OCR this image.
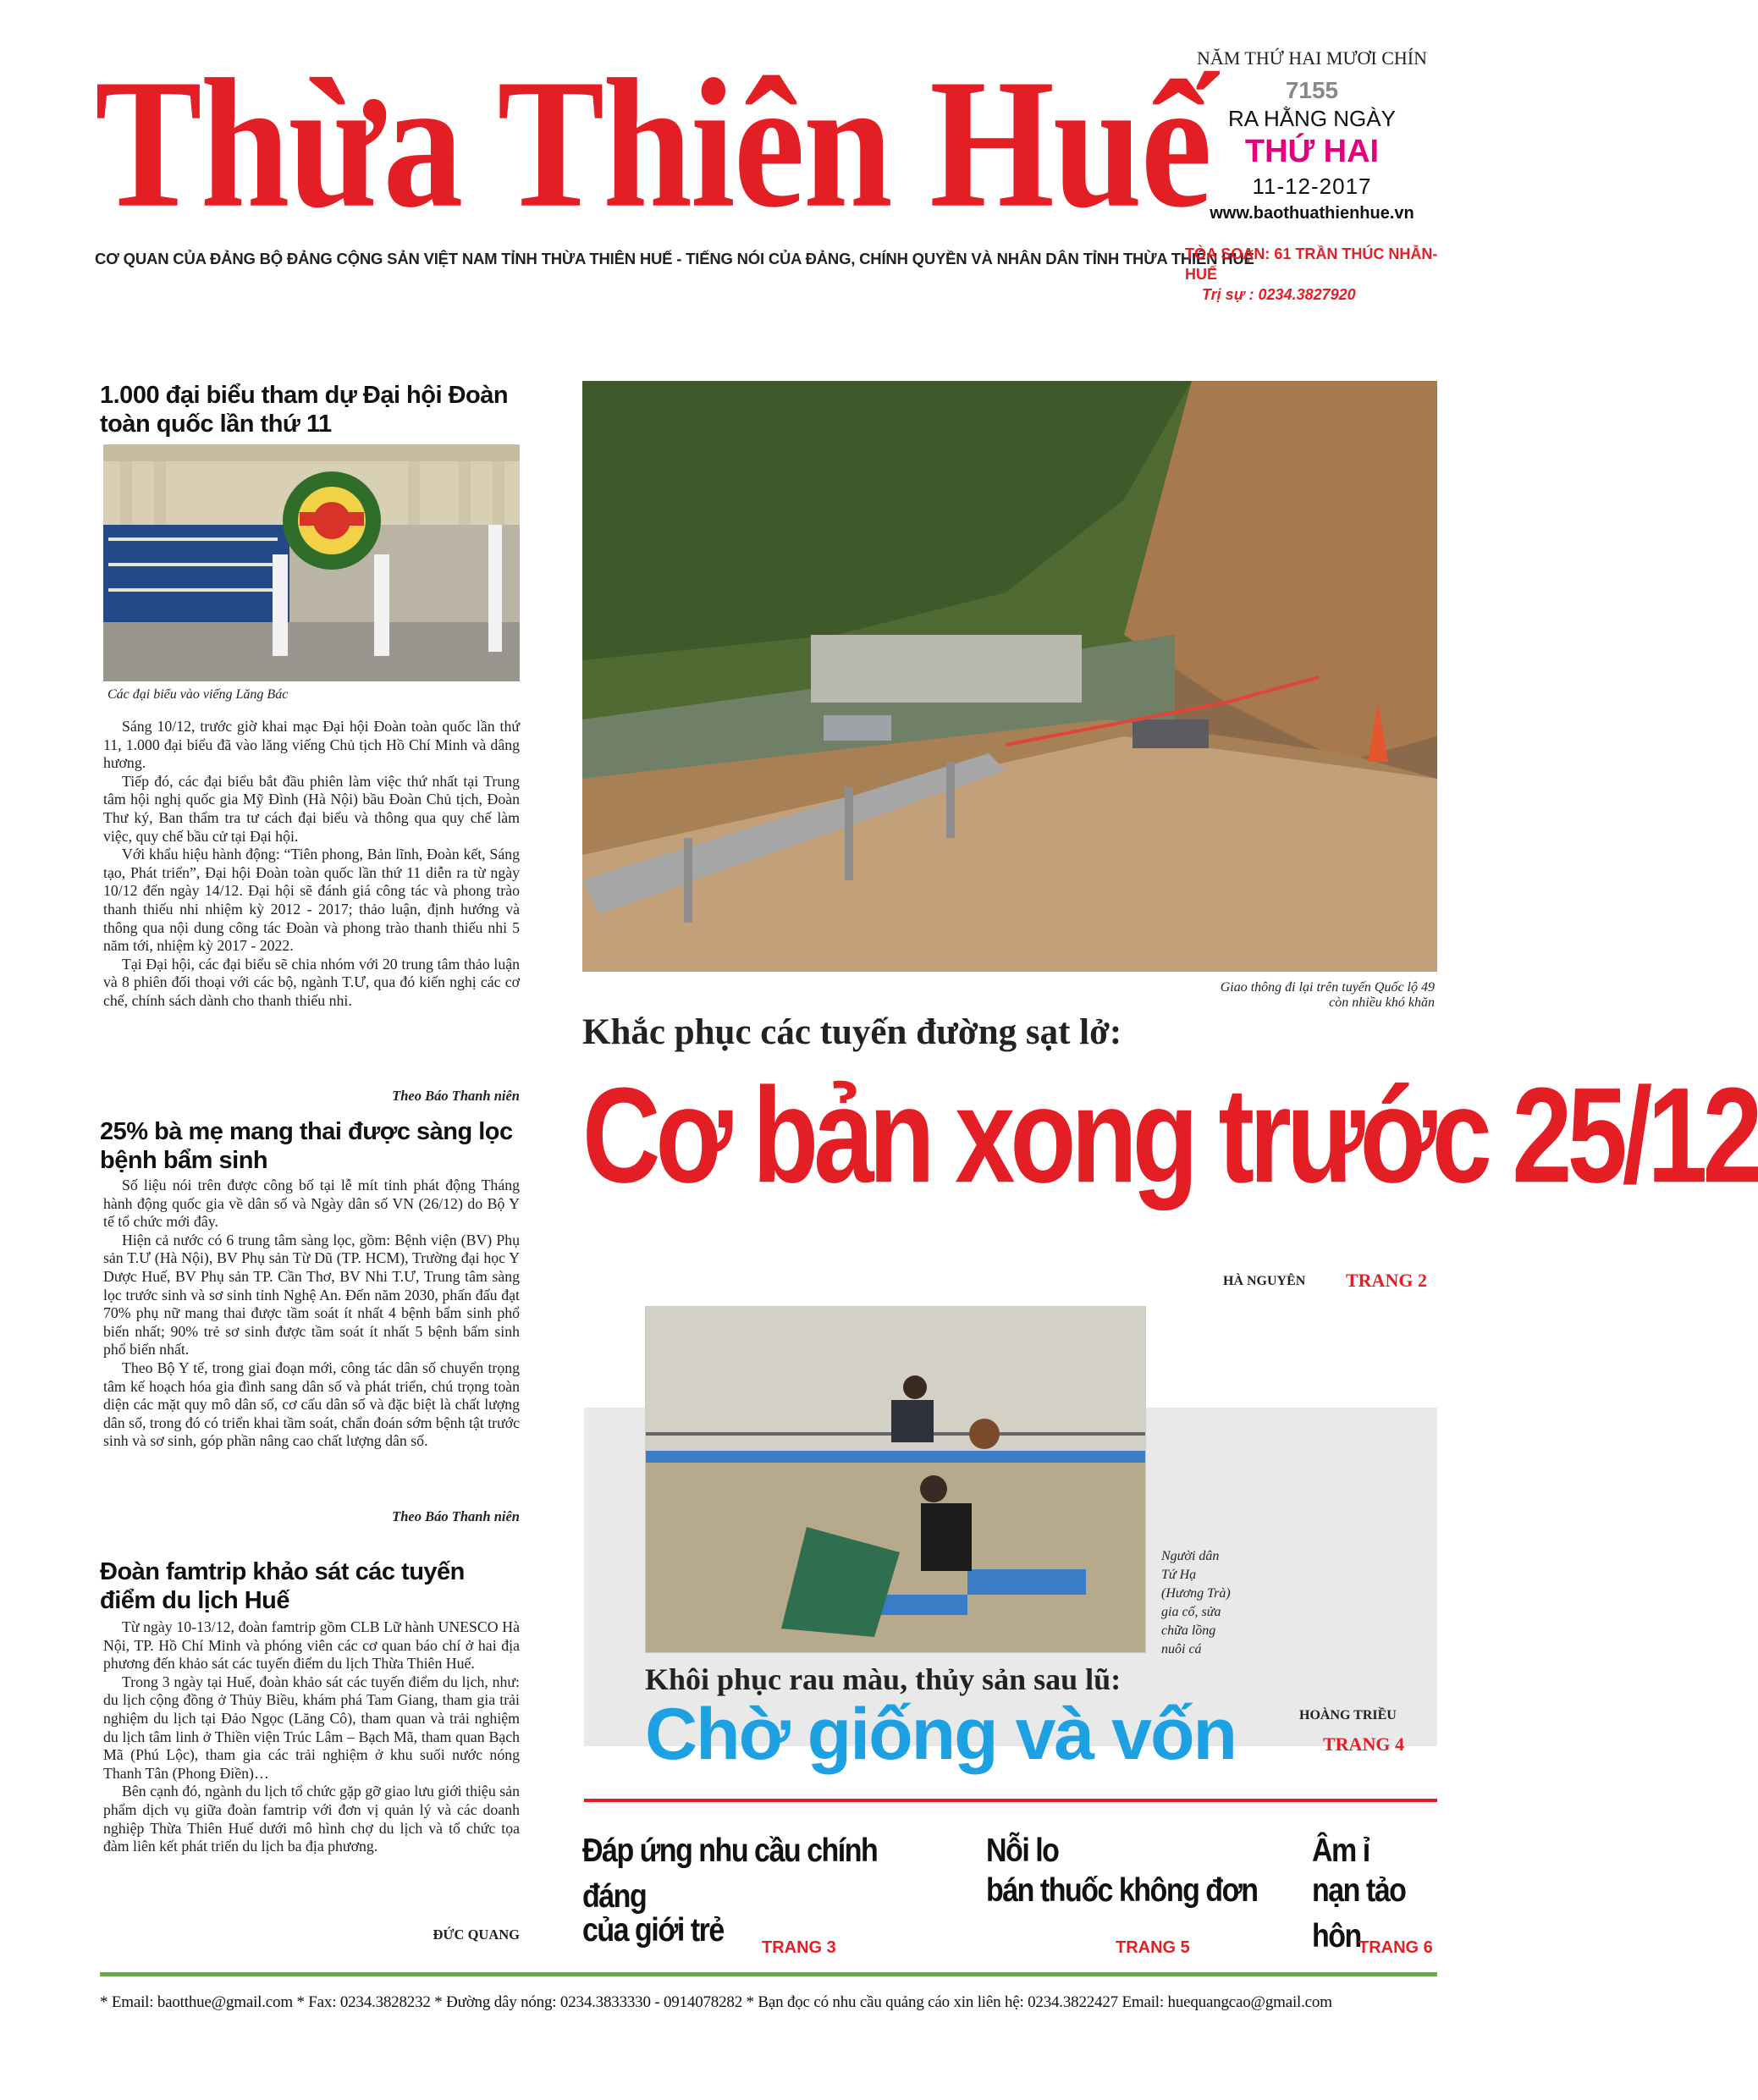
Thừa Thiên Huế
CƠ QUAN CỦA ĐẢNG BỘ ĐẢNG CỘNG SẢN VIỆT NAM TỈNH THỪA THIÊN HUẾ - TIẾNG NÓI CỦA ĐẢNG, CHÍNH QUYỀN VÀ NHÂN DÂN TỈNH THỪA THIÊN HUẾ
NĂM THỨ HAI MƯƠI CHÍN
7155
RA HẰNG NGÀY
THỨ HAI
11-12-2017
www.baothuathienhue.vn
TÒA SOẠN: 61 TRẦN THÚC NHẪN-HUẾ
Trị sự : 0234.3827920
1.000 đại biểu tham dự Đại hội Đoàn toàn quốc lần thứ 11
Các đại biểu vào viếng Lăng Bác

Sáng 10/12, trước giờ khai mạc Đại hội Đoàn toàn quốc lần thứ 11, 1.000 đại biểu đã vào lăng viếng Chủ tịch Hồ Chí Minh và dâng hương.

Tiếp đó, các đại biểu bắt đầu phiên làm việc thứ nhất tại Trung tâm hội nghị quốc gia Mỹ Đình (Hà Nội) bầu Đoàn Chủ tịch, Đoàn Thư ký, Ban thẩm tra tư cách đại biểu và thông qua quy chế làm việc, quy chế bầu cử tại Đại hội.

Với khẩu hiệu hành động: “Tiên phong, Bản lĩnh, Đoàn kết, Sáng tạo, Phát triển”, Đại hội Đoàn toàn quốc lần thứ 11 diễn ra từ ngày 10/12 đến ngày 14/12. Đại hội sẽ đánh giá công tác và phong trào thanh thiếu nhi nhiệm kỳ 2012 - 2017; thảo luận, định hướng và thông qua nội dung công tác Đoàn và phong trào thanh thiếu nhi 5 năm tới, nhiệm kỳ 2017 - 2022.

Tại Đại hội, các đại biểu sẽ chia nhóm với 20 trung tâm thảo luận và 8 phiên đối thoại với các bộ, ngành T.Ư, qua đó kiến nghị các cơ chế, chính sách dành cho thanh thiếu nhi.

Theo Báo Thanh niên
25% bà mẹ mang thai được sàng lọc bệnh bẩm sinh

Số liệu nói trên được công bố tại lễ mít tinh phát động Tháng hành động quốc gia về dân số và Ngày dân số VN (26/12) do Bộ Y tế tổ chức mới đây.

Hiện cả nước có 6 trung tâm sàng lọc, gồm: Bệnh viện (BV) Phụ sản T.Ư (Hà Nội), BV Phụ sản Từ Dũ (TP. HCM), Trường đại học Y Dược Huế, BV Phụ sản TP. Cần Thơ, BV Nhi T.Ư, Trung tâm sàng lọc trước sinh và sơ sinh tỉnh Nghệ An. Đến năm 2030, phấn đấu đạt 70% phụ nữ mang thai được tầm soát ít nhất 4 bệnh bẩm sinh phổ biến nhất; 90% trẻ sơ sinh được tầm soát ít nhất 5 bệnh bẩm sinh phổ biến nhất.

Theo Bộ Y tế, trong giai đoạn mới, công tác dân số chuyển trọng tâm kế hoạch hóa gia đình sang dân số và phát triển, chú trọng toàn diện các mặt quy mô dân số, cơ cấu dân số và đặc biệt là chất lượng dân số, trong đó có triển khai tầm soát, chẩn đoán sớm bệnh tật trước sinh và sơ sinh, góp phần nâng cao chất lượng dân số.

Theo Báo Thanh niên
Đoàn famtrip khảo sát các tuyến điểm du lịch Huế

Từ ngày 10-13/12, đoàn famtrip gồm CLB Lữ hành UNESCO Hà Nội, TP. Hồ Chí Minh và phóng viên các cơ quan báo chí ở hai địa phương đến khảo sát các tuyến điểm du lịch Thừa Thiên Huế.

Trong 3 ngày tại Huế, đoàn khảo sát các tuyến điểm du lịch, như: du lịch cộng đồng ở Thủy Biều, khám phá Tam Giang, tham gia trải nghiệm du lịch tại Đảo Ngọc (Lăng Cô), tham quan và trải nghiệm du lịch tâm linh ở Thiền viện Trúc Lâm – Bạch Mã, tham quan Bạch Mã (Phú Lộc), tham gia các trải nghiệm ở khu suối nước nóng Thanh Tân (Phong Điền)…

Bên cạnh đó, ngành du lịch tổ chức gặp gỡ giao lưu giới thiệu sản phẩm dịch vụ giữa đoàn famtrip với đơn vị quản lý và các doanh nghiệp Thừa Thiên Huế dưới mô hình chợ du lịch và tổ chức tọa đàm liên kết phát triển du lịch ba địa phương.

ĐỨC QUANG
Giao thông đi lại trên tuyến Quốc lộ 49
còn nhiều khó khăn
Khắc phục các tuyến đường sạt lở:
Cơ bản xong trước 25/12
HÀ NGUYÊN TRANG 2
Người dân
Tứ Hạ
(Hương Trà)
gia cố, sửa
chữa lồng
nuôi cá
Khôi phục rau màu, thủy sản sau lũ:
Chờ giống và vốn	HOÀNG TRIỀU
TRANG 4
Đáp ứng nhu cầu chính đáng
của giới trẻ	TRANG 3
Nỗi lo
bán thuốc không đơn
TRANG 5
Âm ỉ
nạn tảo hôn
TRANG 6
* Email: baotthue@gmail.com * Fax: 0234.3828232 * Đường dây nóng: 0234.3833330 - 0914078282 * Bạn đọc có nhu cầu quảng cáo xin liên hệ: 0234.3822427 Email: huequangcao@gmail.com
